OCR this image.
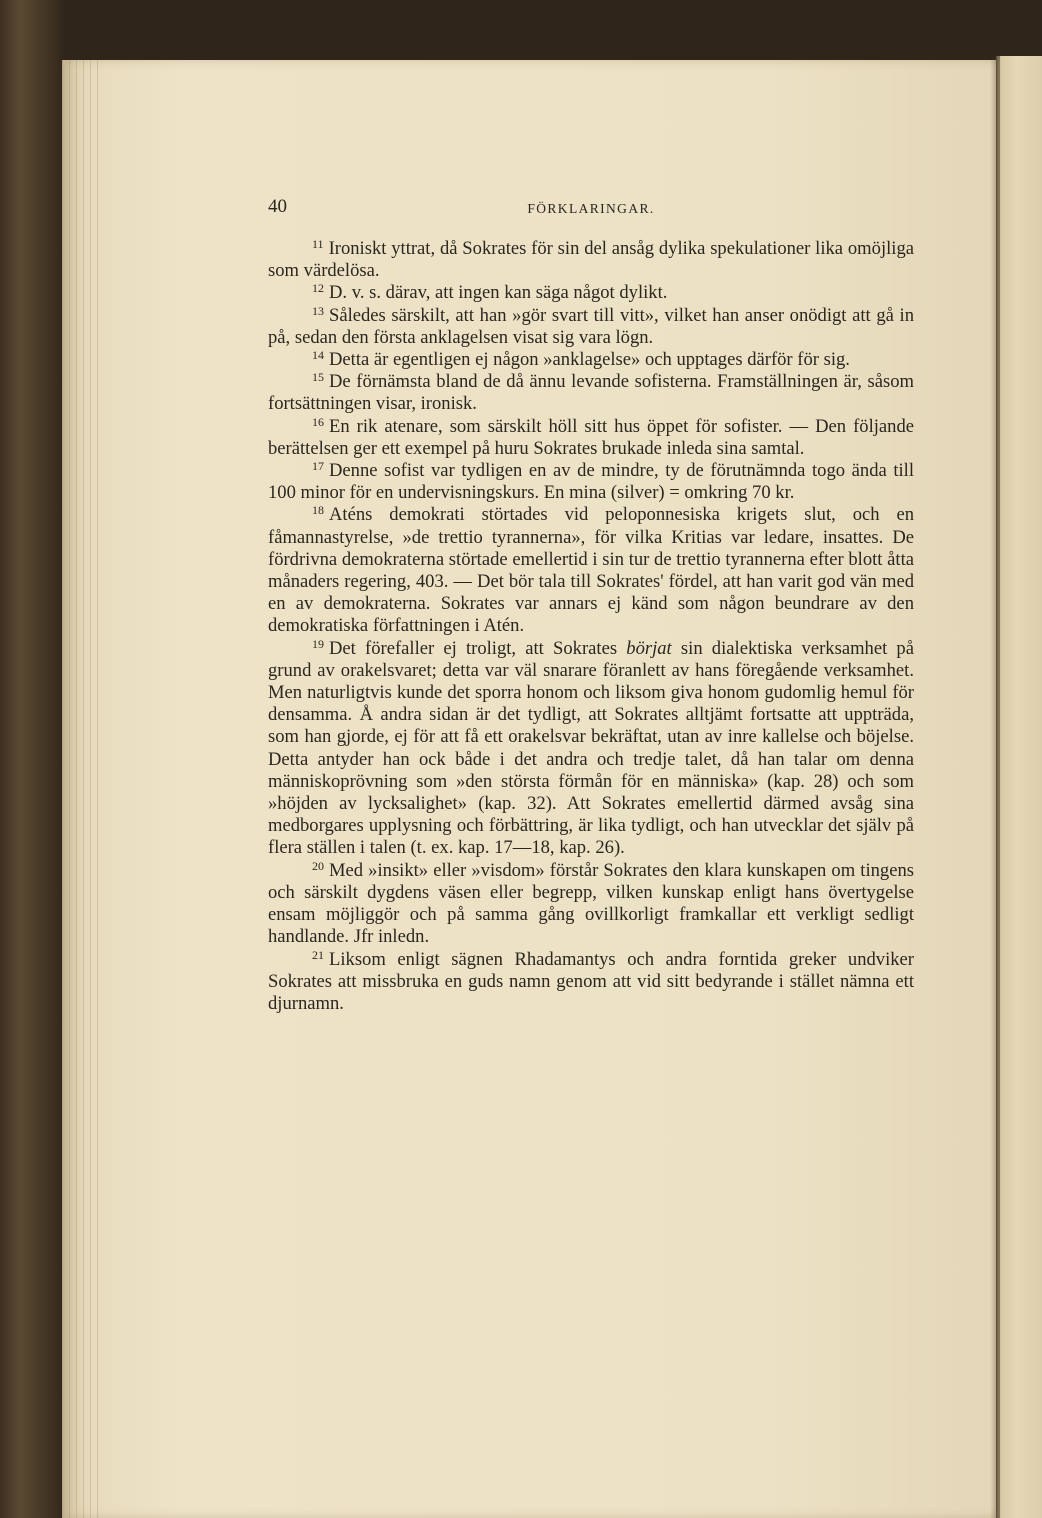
40	FÖRKLARINGAR.

$^{11}$ Ironiskt yttrat, då Sokrates för sin del ansåg dylika spekulationer lika omöjliga som värdelösa.

$^{12}$ D. v. s. därav, att ingen kan säga något dylikt.

$^{13}$ Således särskilt, att han »gör svart till vitt», vilket han anser onödigt att gå in på, sedan den första anklagelsen visat sig vara lögn.

$^{14}$ Detta är egentligen ej någon »anklagelse» och upptages därför för sig.

$^{15}$ De förnämsta bland de då ännu levande sofisterna. Framställningen är, såsom fortsättningen visar, ironisk.

$^{16}$ En rik atenare, som särskilt höll sitt hus öppet för sofister. — Den följande berättelsen ger ett exempel på huru Sokrates brukade inleda sina samtal.

$^{17}$ Denne sofist var tydligen en av de mindre, ty de förutnämnda togo ända till 100 minor för en undervisningskurs. En mina (silver) = omkring 70 kr.

$^{18}$ Aténs demokrati störtades vid peloponnesiska krigets slut, och en fåmannastyrelse, »de trettio tyrannerna», för vilka Kritias var ledare, insattes. De fördrivna demokraterna störtade emellertid i sin tur de trettio tyrannerna efter blott åtta månaders regering, 403. — Det bör tala till Sokrates' fördel, att han varit god vän med en av demokraterna. Sokrates var annars ej känd som någon beundrare av den demokratiska författningen i Atén.

$^{19}$ Det förefaller ej troligt, att Sokrates börjat sin dialektiska verksamhet på grund av orakelsvaret; detta var väl snarare föranlett av hans föregående verksamhet. Men naturligtvis kunde det sporra honom och liksom giva honom gudomlig hemul för densamma. Å andra sidan är det tydligt, att Sokrates alltjämt fortsatte att uppträda, som han gjorde, ej för att få ett orakelsvar bekräftat, utan av inre kallelse och böjelse. Detta antyder han ock både i det andra och tredje talet, då han talar om denna människoprövning som »den största förmån för en människa» (kap. 28) och som »höjden av lycksalighet» (kap. 32). Att Sokrates emellertid därmed avsåg sina medborgares upplysning och förbättring, är lika tydligt, och han utvecklar det själv på flera ställen i talen (t. ex. kap. 17—18, kap. 26).

$^{20}$ Med »insikt» eller »visdom» förstår Sokrates den klara kunskapen om tingens och särskilt dygdens väsen eller begrepp, vilken kunskap enligt hans övertygelse ensam möjliggör och på samma gång ovillkorligt framkallar ett verkligt sedligt handlande. Jfr inledn.

$^{21}$ Liksom enligt sägnen Rhadamantys och andra forntida greker undviker Sokrates att missbruka en guds namn genom att vid sitt bedyrande i stället nämna ett djurnamn.
